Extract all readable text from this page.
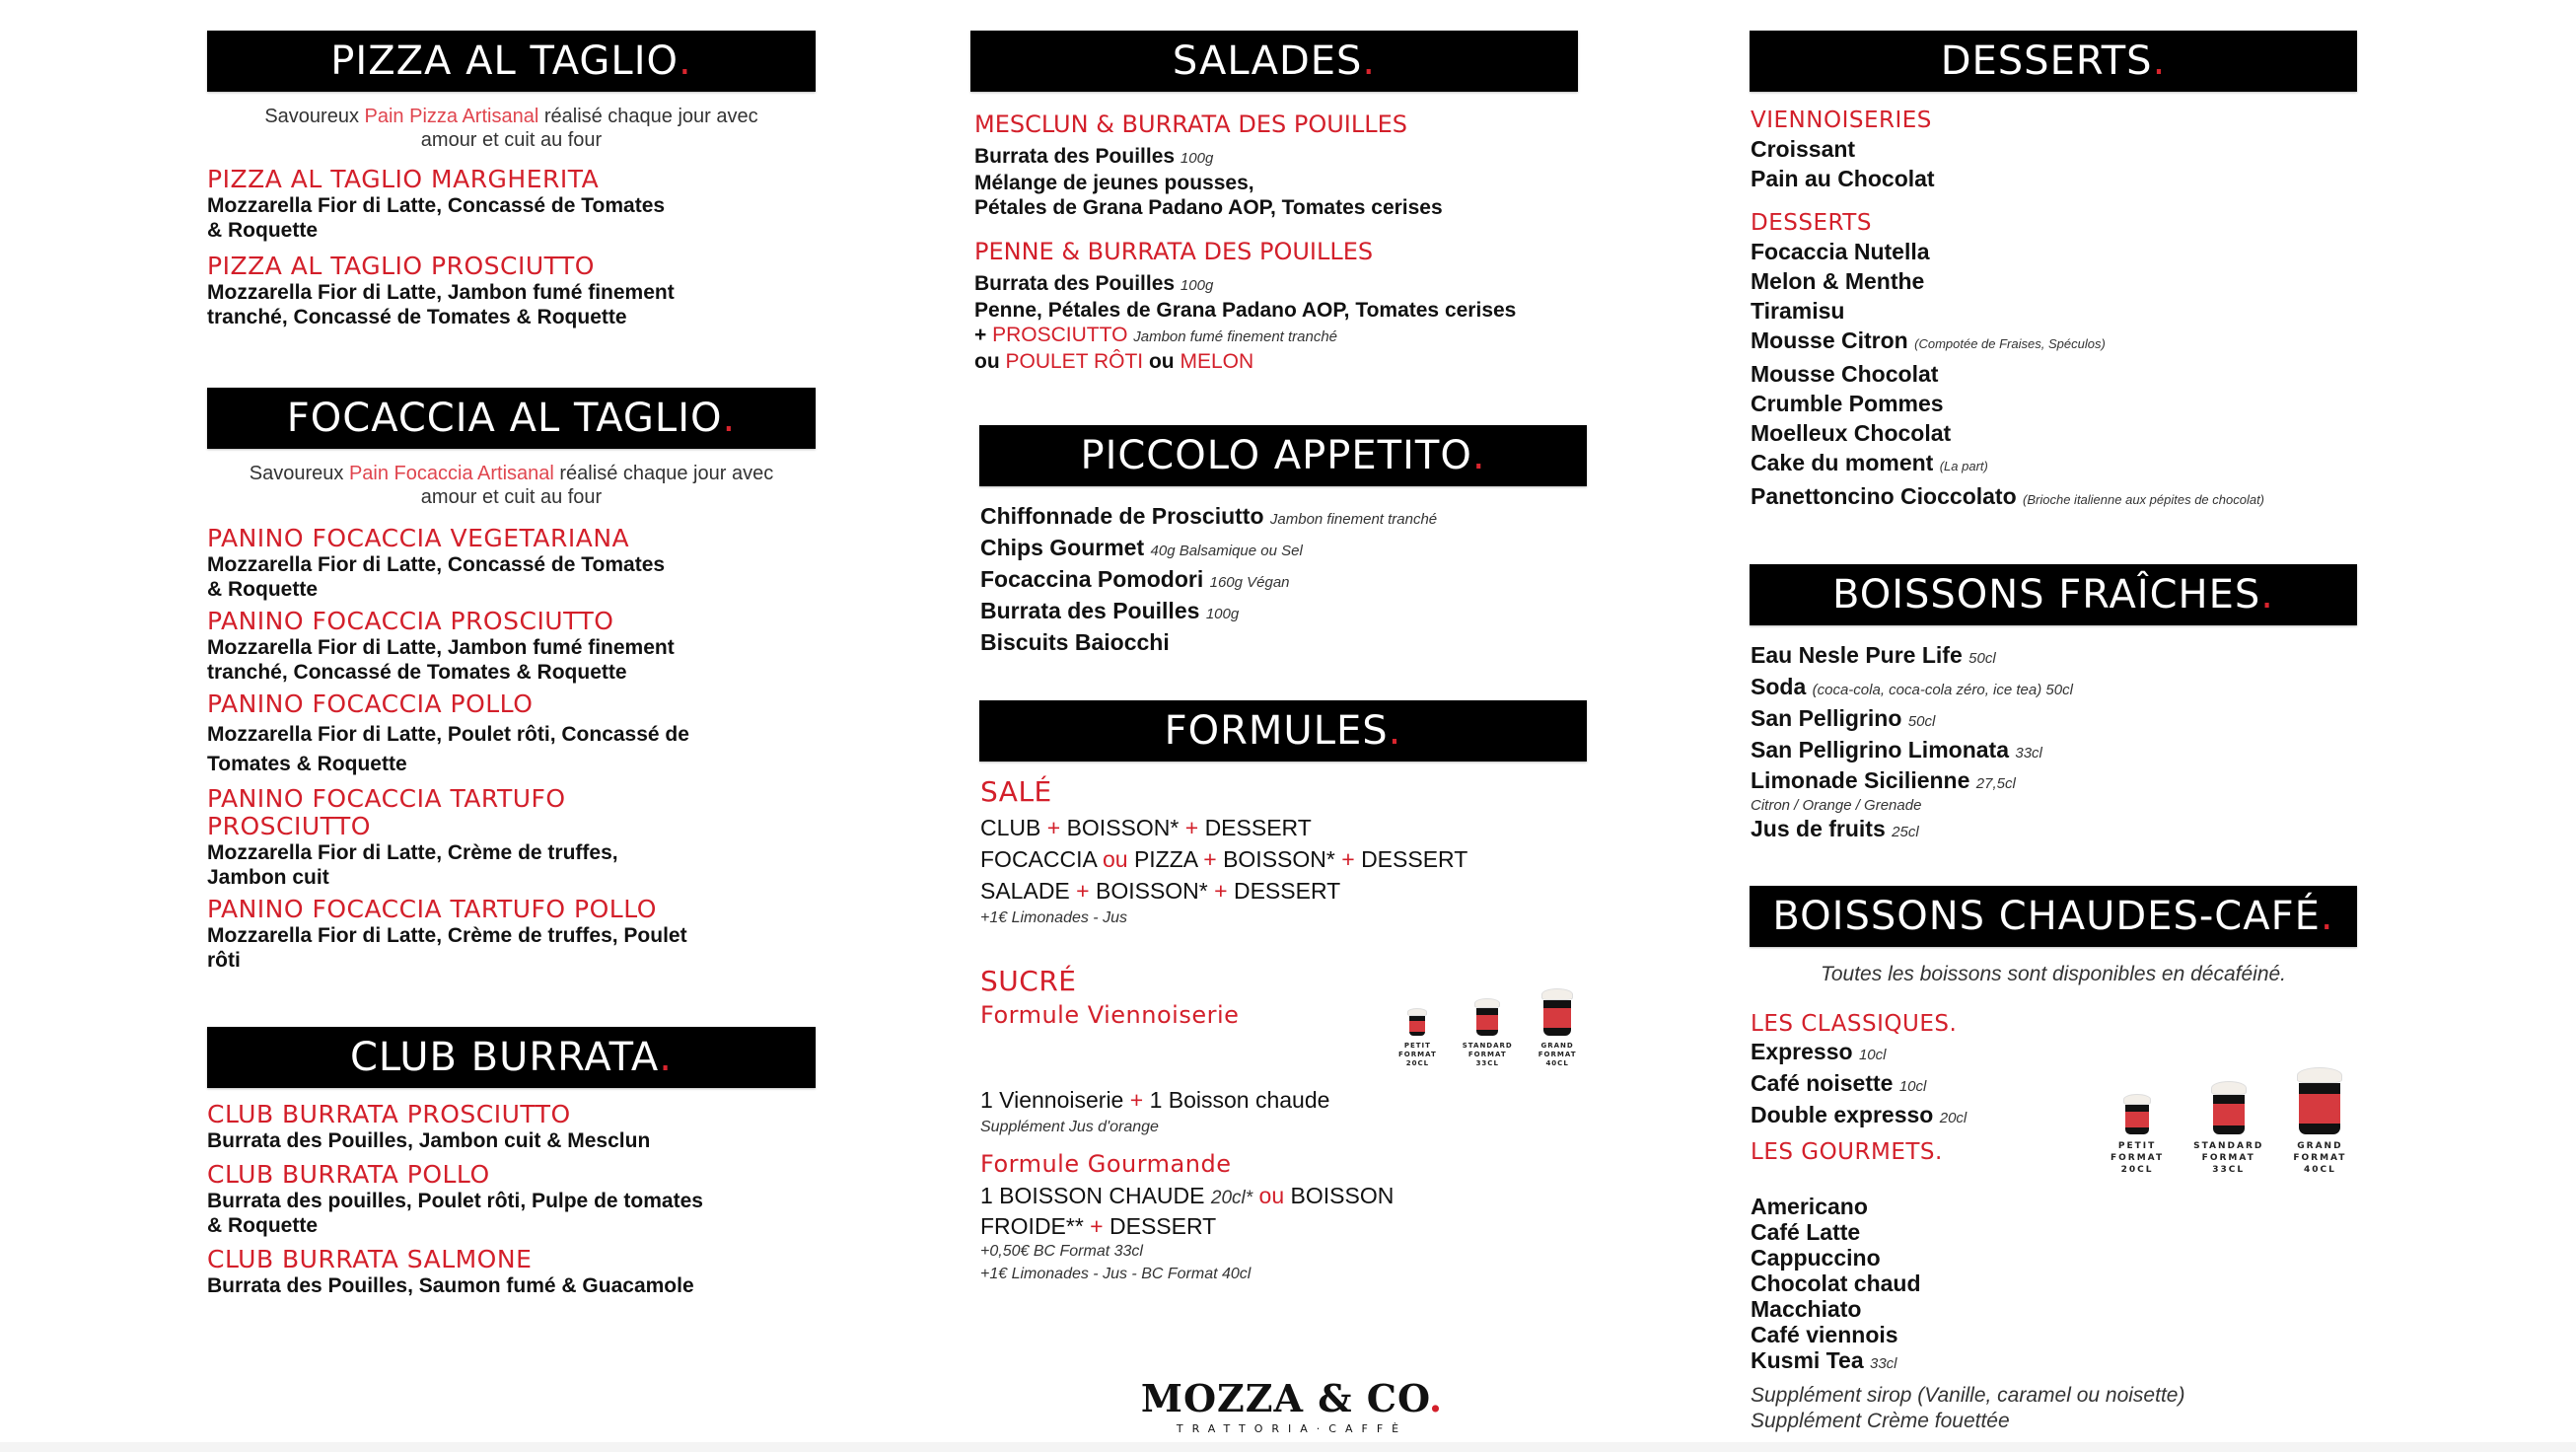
PIZZA AL TAGLIO .
Savoureux Pain Pizza Artisanal réalisé chaque jour avec
amour et cuit au four
PIZZA AL TAGLIO MARGHERITA
Mozzarella Fior di Latte, Concassé de Tomates
& Roquette
PIZZA AL TAGLIO PROSCIUTTO
Mozzarella Fior di Latte, Jambon fumé finement
tranché, Concassé de Tomates & Roquette
FOCACCIA AL TAGLIO .
Savoureux Pain Focaccia Artisanal réalisé chaque jour avec
amour et cuit au four
PANINO FOCACCIA VEGETARIANA
Mozzarella Fior di Latte, Concassé de Tomates
& Roquette
PANINO FOCACCIA PROSCIUTTO
Mozzarella Fior di Latte, Jambon fumé finement
tranché, Concassé de Tomates & Roquette
PANINO FOCACCIA POLLO
Mozzarella Fior di Latte, Poulet rôti, Concassé de
Tomates & Roquette
PANINO FOCACCIA TARTUFO
PROSCIUTTO
Mozzarella Fior di Latte, Crème de truffes,
Jambon cuit
PANINO FOCACCIA TARTUFO POLLO
Mozzarella Fior di Latte, Crème de truffes, Poulet
rôti
CLUB BURRATA .
CLUB BURRATA PROSCIUTTO
Burrata des Pouilles, Jambon cuit & Mesclun
CLUB BURRATA POLLO
Burrata des pouilles, Poulet rôti, Pulpe de tomates
& Roquette
CLUB BURRATA SALMONE
Burrata des Pouilles, Saumon fumé & Guacamole
SALADES .
MESCLUN & BURRATA DES POUILLES
Burrata des Pouilles 100g
Mélange de jeunes pousses,
Pétales de Grana Padano AOP, Tomates cerises
PENNE & BURRATA DES POUILLES
Burrata des Pouilles 100g
Penne, Pétales de Grana Padano AOP, Tomates cerises
+ PROSCIUTTO Jambon fumé finement tranché
ou POULET RÔTI ou MELON
PICCOLO APPETITO .
Chiffonnade de Prosciutto Jambon finement tranché
Chips Gourmet 40g Balsamique ou Sel
Focaccina Pomodori 160g Végan
Burrata des Pouilles 100g
Biscuits Baiocchi
FORMULES .
SALÉ
CLUB + BOISSON* + DESSERT
FOCACCIA ou PIZZA + BOISSON* + DESSERT
SALADE + BOISSON* + DESSERT
+1€ Limonades - Jus
SUCRÉ
Formule Viennoiserie
1 Viennoiserie + 1 Boisson chaude
Supplément Jus d'orange
Formule Gourmande
1 BOISSON CHAUDE 20cl* ou BOISSON
FROIDE** + DESSERT
+0,50€ BC Format 33cl
+1€ Limonades - Jus - BC Format 40cl
PETIT
FORMAT
20CL
STANDARD
FORMAT
33CL
GRAND
FORMAT
40CL
MOZZA & CO.
TRATTORIA·CAFFÈ
DESSERTS .
VIENNOISERIES
Croissant
Pain au Chocolat
DESSERTS
Focaccia Nutella
Melon & Menthe
Tiramisu
Mousse Citron (Compotée de Fraises, Spéculos)
Mousse Chocolat
Crumble Pommes
Moelleux Chocolat
Cake du moment (La part)
Panettoncino Cioccolato (Brioche italienne aux pépites de chocolat)
BOISSONS FRAÎCHES .
Eau Nesle Pure Life 50cl
Soda (coca-cola, coca-cola zéro, ice tea) 50cl
San Pelligrino 50cl
San Pelligrino Limonata 33cl
Limonade Sicilienne 27,5cl
Citron / Orange / Grenade
Jus de fruits 25cl
BOISSONS CHAUDES-CAFÉ .
Toutes les boissons sont disponibles en décaféiné.
LES CLASSIQUES.
Expresso 10cl
Café noisette 10cl
Double expresso 20cl
LES GOURMETS.
Americano
Café Latte
Cappuccino
Chocolat chaud
Macchiato
Café viennois
Kusmi Tea 33cl
Supplément sirop (Vanille, caramel ou noisette)
Supplément Crème fouettée
PETIT
FORMAT
20CL
STANDARD
FORMAT
33CL
GRAND
FORMAT
40CL
